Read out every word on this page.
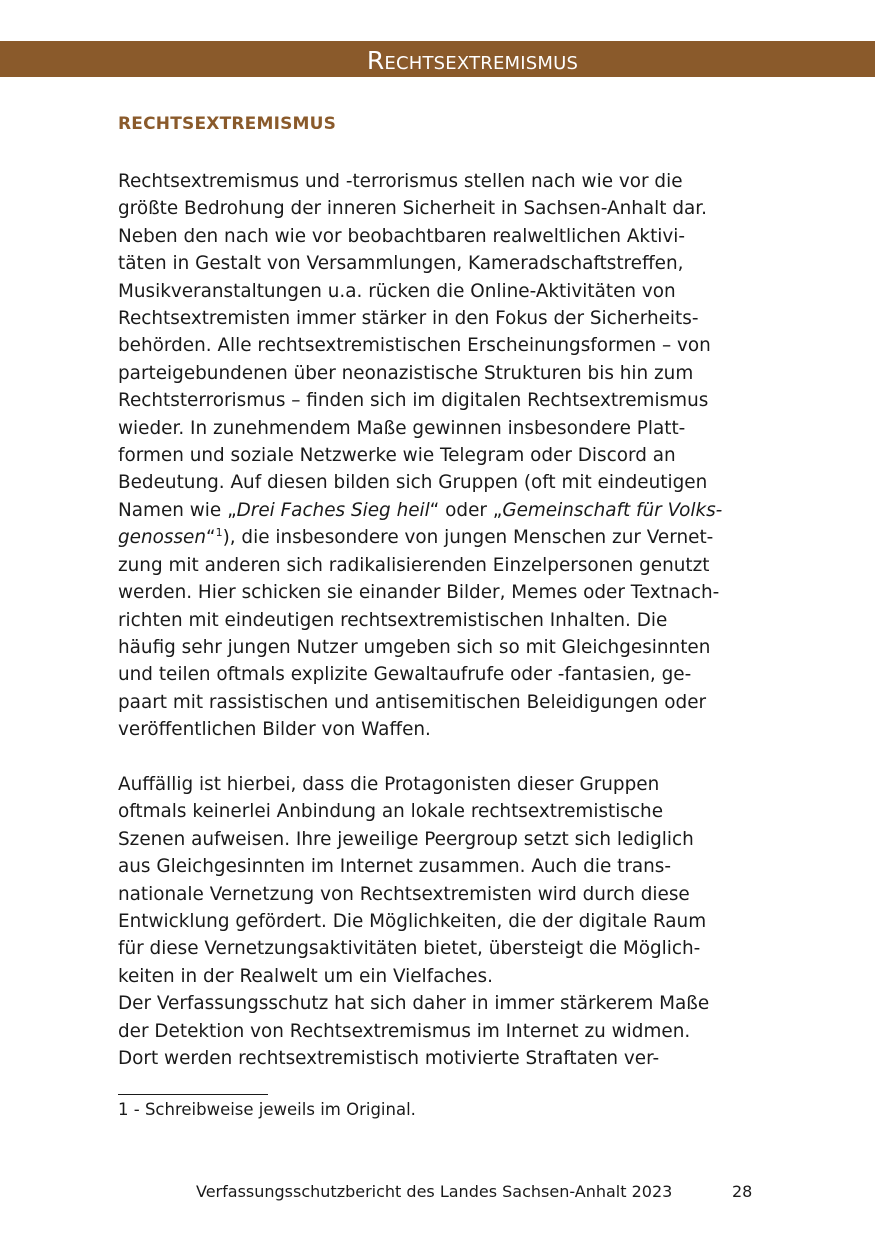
Rechtsextremismus
RECHTSEXTREMISMUS
Rechtsextremismus und -terrorismus stellen nach wie vor die
größte Bedrohung der inneren Sicherheit in Sachsen-Anhalt dar.
Neben den nach wie vor beobachtbaren realweltlichen Aktivi-
täten in Gestalt von Versammlungen, Kameradschaftstreffen,
Musikveranstaltungen u.a. rücken die Online-Aktivitäten von
Rechtsextremisten immer stärker in den Fokus der Sicherheits-
behörden. Alle rechtsextremistischen Erscheinungsformen – von
parteigebundenen über neonazistische Strukturen bis hin zum
Rechtsterrorismus – finden sich im digitalen Rechtsextremismus
wieder. In zunehmendem Maße gewinnen insbesondere Platt-
formen und soziale Netzwerke wie Telegram oder Discord an
Bedeutung. Auf diesen bilden sich Gruppen (oft mit eindeutigen
Namen wie „Drei Faches Sieg heil“ oder „Gemeinschaft für Volks-
genossen“$^1$), die insbesondere von jungen Menschen zur Vernet-
zung mit anderen sich radikalisierenden Einzelpersonen genutzt
werden. Hier schicken sie einander Bilder, Memes oder Textnach-
richten mit eindeutigen rechtsextremistischen Inhalten. Die
häufig sehr jungen Nutzer umgeben sich so mit Gleichgesinnten
und teilen oftmals explizite Gewaltaufrufe oder -fantasien, ge-
paart mit rassistischen und antisemitischen Beleidigungen oder
veröffentlichen Bilder von Waffen.
Auffällig ist hierbei, dass die Protagonisten dieser Gruppen
oftmals keinerlei Anbindung an lokale rechtsextremistische
Szenen aufweisen. Ihre jeweilige Peergroup setzt sich lediglich
aus Gleichgesinnten im Internet zusammen. Auch die trans-
nationale Vernetzung von Rechtsextremisten wird durch diese
Entwicklung gefördert. Die Möglichkeiten, die der digitale Raum
für diese Vernetzungsaktivitäten bietet, übersteigt die Möglich-
keiten in der Realwelt um ein Vielfaches.
Der Verfassungsschutz hat sich daher in immer stärkerem Maße
der Detektion von Rechtsextremismus im Internet zu widmen.
Dort werden rechtsextremistisch motivierte Straftaten ver-
1 - Schreibweise jeweils im Original.
Verfassungsschutzbericht des Landes Sachsen-Anhalt 2023	28
